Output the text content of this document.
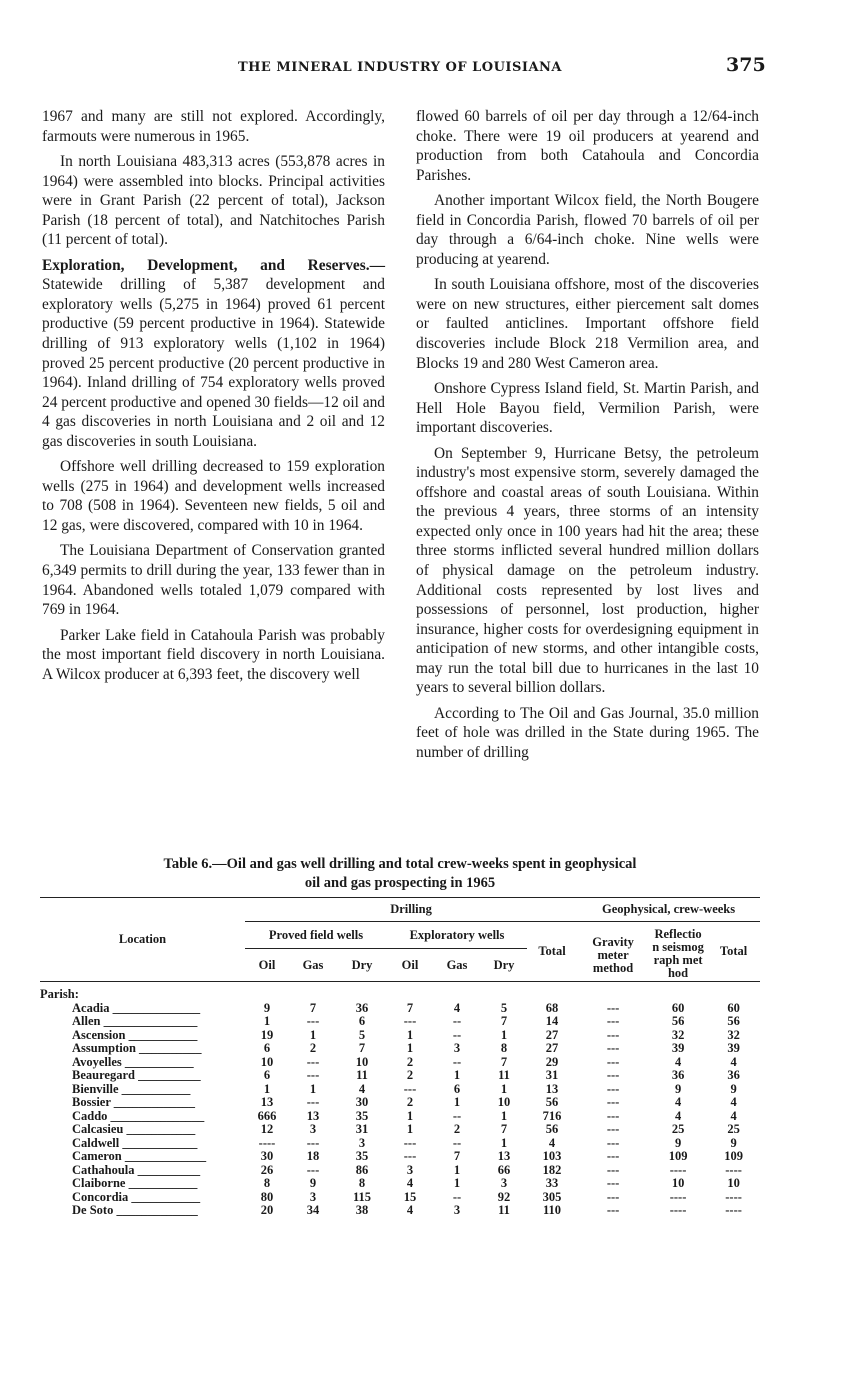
THE MINERAL INDUSTRY OF LOUISIANA	375

1967 and many are still not explored. Accordingly, farmouts were numerous in 1965.

In north Louisiana 483,313 acres (553,878 acres in 1964) were assembled into blocks. Principal activities were in Grant Parish (22 percent of total), Jackson Parish (18 percent of total), and Natchitoches Parish (11 percent of total).

Exploration, Development, and Reserves.— Statewide drilling of 5,387 development and exploratory wells (5,275 in 1964) proved 61 percent productive (59 percent productive in 1964). Statewide drilling of 913 exploratory wells (1,102 in 1964) proved 25 percent productive (20 percent productive in 1964). Inland drilling of 754 exploratory wells proved 24 percent productive and opened 30 fields—12 oil and 4 gas discoveries in north Louisiana and 2 oil and 12 gas discoveries in south Louisiana.

Offshore well drilling decreased to 159 exploration wells (275 in 1964) and development wells increased to 708 (508 in 1964). Seventeen new fields, 5 oil and 12 gas, were discovered, compared with 10 in 1964.

The Louisiana Department of Conservation granted 6,349 permits to drill during the year, 133 fewer than in 1964. Abandoned wells totaled 1,079 compared with 769 in 1964.

Parker Lake field in Catahoula Parish was probably the most important field discovery in north Louisiana. A Wilcox producer at 6,393 feet, the discovery well

flowed 60 barrels of oil per day through a 12/64-inch choke. There were 19 oil producers at yearend and production from both Catahoula and Concordia Parishes.

Another important Wilcox field, the North Bougere field in Concordia Parish, flowed 70 barrels of oil per day through a 6/64-inch choke. Nine wells were producing at yearend.

In south Louisiana offshore, most of the discoveries were on new structures, either piercement salt domes or faulted anticlines. Important offshore field discoveries include Block 218 Vermilion area, and Blocks 19 and 280 West Cameron area.

Onshore Cypress Island field, St. Martin Parish, and Hell Hole Bayou field, Vermilion Parish, were important discoveries.

On September 9, Hurricane Betsy, the petroleum industry's most expensive storm, severely damaged the offshore and coastal areas of south Louisiana. Within the previous 4 years, three storms of an intensity expected only once in 100 years had hit the area; these three storms inflicted several hundred million dollars of physical damage on the petroleum industry. Additional costs represented by lost lives and possessions of personnel, lost production, higher insurance, higher costs for overdesigning equipment in anticipation of new storms, and other intangible costs, may run the total bill due to hurricanes in the last 10 years to several billion dollars.

According to The Oil and Gas Journal, 35.0 million feet of hole was drilled in the State during 1965. The number of drilling

Table 6.—Oil and gas well drilling and total crew-weeks spent in geophysical
oil and gas prospecting in 1965
Location	Drilling							Geophysical, crew-weeks		
	Proved field wells			Exploratory wells			Total	Gravity meter method	Reflection seismograph method	Total
	Oil	Gas	Dry	Oil	Gas	Dry				
Parish:										
Acadia ______________	9	7	36	7	4	5	68	---	60	60
Allen _______________	1	---	6	---	--	7	14	---	56	56
Ascension ___________	19	1	5	1	--	1	27	---	32	32
Assumption __________	6	2	7	1	3	8	27	---	39	39
Avoyelles ___________	10	---	10	2	--	7	29	---	4	4
Beauregard __________	6	---	11	2	1	11	31	---	36	36
Bienville ___________	1	1	4	---	6	1	13	---	9	9
Bossier _____________	13	---	30	2	1	10	56	---	4	4
Caddo _______________	666	13	35	1	--	1	716	---	4	4
Calcasieu ___________	12	3	31	1	2	7	56	---	25	25
Caldwell ____________	----	---	3	---	--	1	4	---	9	9
Cameron _____________	30	18	35	---	7	13	103	---	109	109
Cathahoula __________	26	---	86	3	1	66	182	---	----	----
Claiborne ___________	8	9	8	4	1	3	33	---	10	10
Concordia ___________	80	3	115	15	--	92	305	---	----	----
De Soto _____________	20	34	38	4	3	11	110	---	----	----
